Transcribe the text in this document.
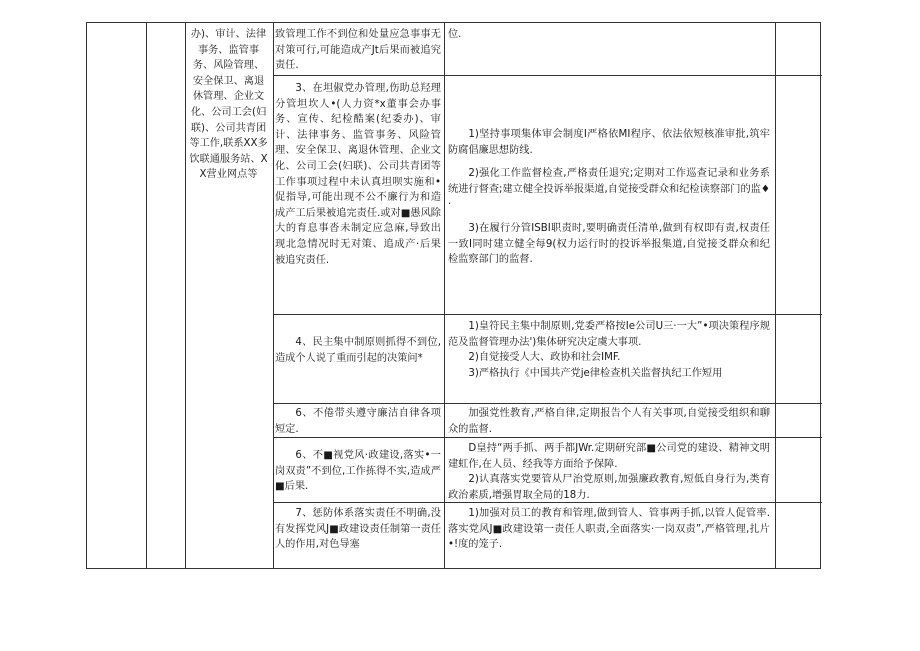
办)、审计、法律事务、监管事务、风险管理、安全保卫、离退休管理、企业文化、公司工会(妇联)、公司共青团等工作,联系XX多饮联通服务站、XX营业网点等
致管理工作不到位和处量应急事事无对策可行,可能造成产Jt后果而被追究责任.

位.

3、在坦俶党办管理,伤助总羟理分管坦坎人•(人力资*x董事会办事务、宣传、纪检酷案(纪委办)、审计、法律事务、监管事务、风险管理、安全保卫、离退休管理、企业文化、公司工会(妇联)、公司共青团等工作事项过程中未认真坦呗实施和•促指导,可能出现不公不廉行为和造成产工后果被追完责任.或对■愚风除大的育息事沓未制定应急麻,导致出现北急情况时无对策、追成产·后果被追究责任.

1)坚持事项集体审会制度I严格依MI程序、依法依短核准审批,筑牢防腐倡廉思想防线.

2)强化工作监督检查,严格责任退究;定期对工作巡查记录和业务系统进行督查;建立健全投诉举报渠道,自觉接受群众和纪检读察部门的监♦·

3)在履行分管ISBI职责时,要明确责任清单,做到有权即有责,权责任一致I同时建立健全每9(权力运行时的投诉举报集道,自觉接爻群众和纪检监察部门的监督.

4、民主集中制原则抓得不到位,造成个人说了重而引起的决策问*

1)皇符民主集中制原则,党委严格按Ie公司U三·一大”•项决策程序规范及监督管理办法')集体研究决定虞大事项.

2)自觉接受人大、政协和社会IMF.

3)严格执行《中国共产党je律检查机关监督执纪工作短用

6、不倦带头遵守廉洁自律各项短定.

加强党性教育,严格自律,定期报告个人有关事项,自觉接受组织和聊众的监督.

6、不■视党风·政建设,落实•一岗双责”不到位,工作拣得不实,造成严■后果.

D皇持“两手抓、两手都JWr.定期研究部■公司党的建设、精神文明建虹作,在人员、经我等方面给予保障.

2)认真落实党要管从尸治党原则,加强廉政教育,短低自身行为,类育政治素质,增强胃取全局的18力.

7、惩防体系落实责任不明确,没有发挥党风J■政建设责任制第一责任人的作用,对色导塞

1)加强对员工的教育和管理,做到管人、管事两手抓,以管人促管率.落实党风J■政建设第一责任人职责,全面落实·一岗双责”,严格管理,扎片•!度的笼子.
